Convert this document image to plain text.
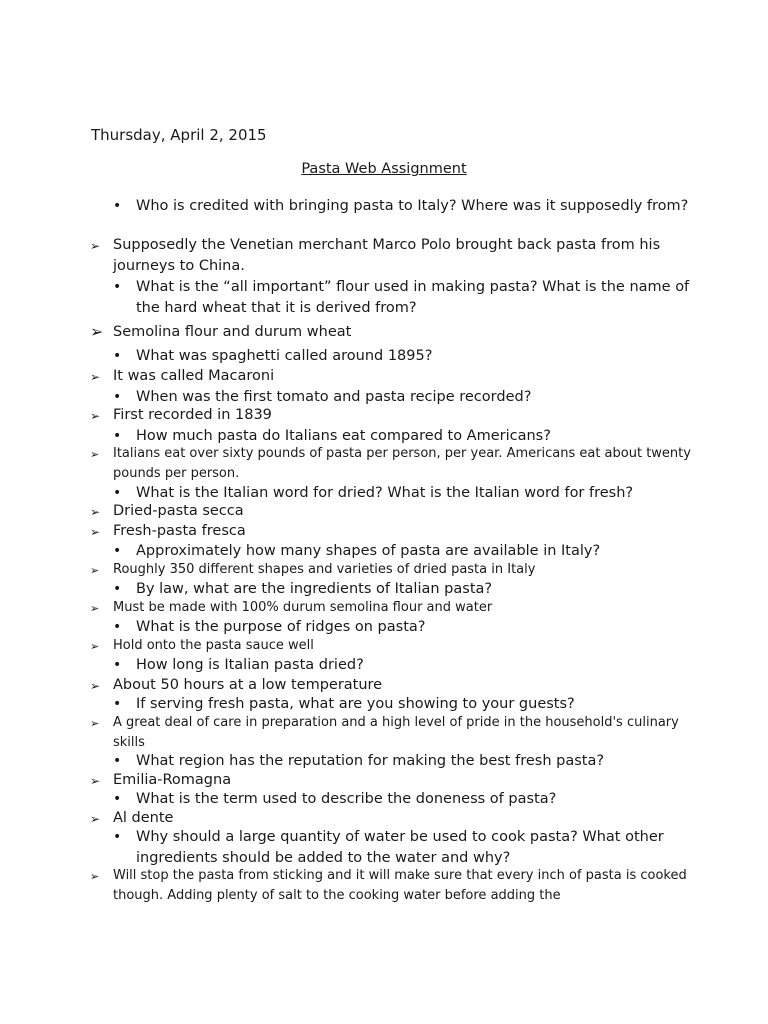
Thursday, April 2, 2015
Pasta Web Assignment
• Who is credited with bringing pasta to Italy? Where was it supposedly from?
➢ Supposedly the Venetian merchant Marco Polo brought back pasta from his journeys to China.
• What is the “all important” flour used in making pasta? What is the name of the hard wheat that it is derived from?
➢ Semolina flour and durum wheat
• What was spaghetti called around 1895?
➢ It was called Macaroni
• When was the first tomato and pasta recipe recorded?
➢ First recorded in 1839
• How much pasta do Italians eat compared to Americans?
➢ Italians eat over sixty pounds of pasta per person, per year. Americans eat about twenty pounds per person.
• What is the Italian word for dried? What is the Italian word for fresh?
➢ Dried-pasta secca
➢ Fresh-pasta fresca
• Approximately how many shapes of pasta are available in Italy?
➢ Roughly 350 different shapes and varieties of dried pasta in Italy
• By law, what are the ingredients of Italian pasta?
➢ Must be made with 100% durum semolina flour and water
• What is the purpose of ridges on pasta?
➢ Hold onto the pasta sauce well
• How long is Italian pasta dried?
➢ About 50 hours at a low temperature
• If serving fresh pasta, what are you showing to your guests?
➢ A great deal of care in preparation and a high level of pride in the household's culinary skills
• What region has the reputation for making the best fresh pasta?
➢ Emilia-Romagna
• What is the term used to describe the doneness of pasta?
➢ Al dente
• Why should a large quantity of water be used to cook pasta? What other ingredients should be added to the water and why?
➢ Will stop the pasta from sticking and it will make sure that every inch of pasta is cooked though. Adding plenty of salt to the cooking water before adding the
